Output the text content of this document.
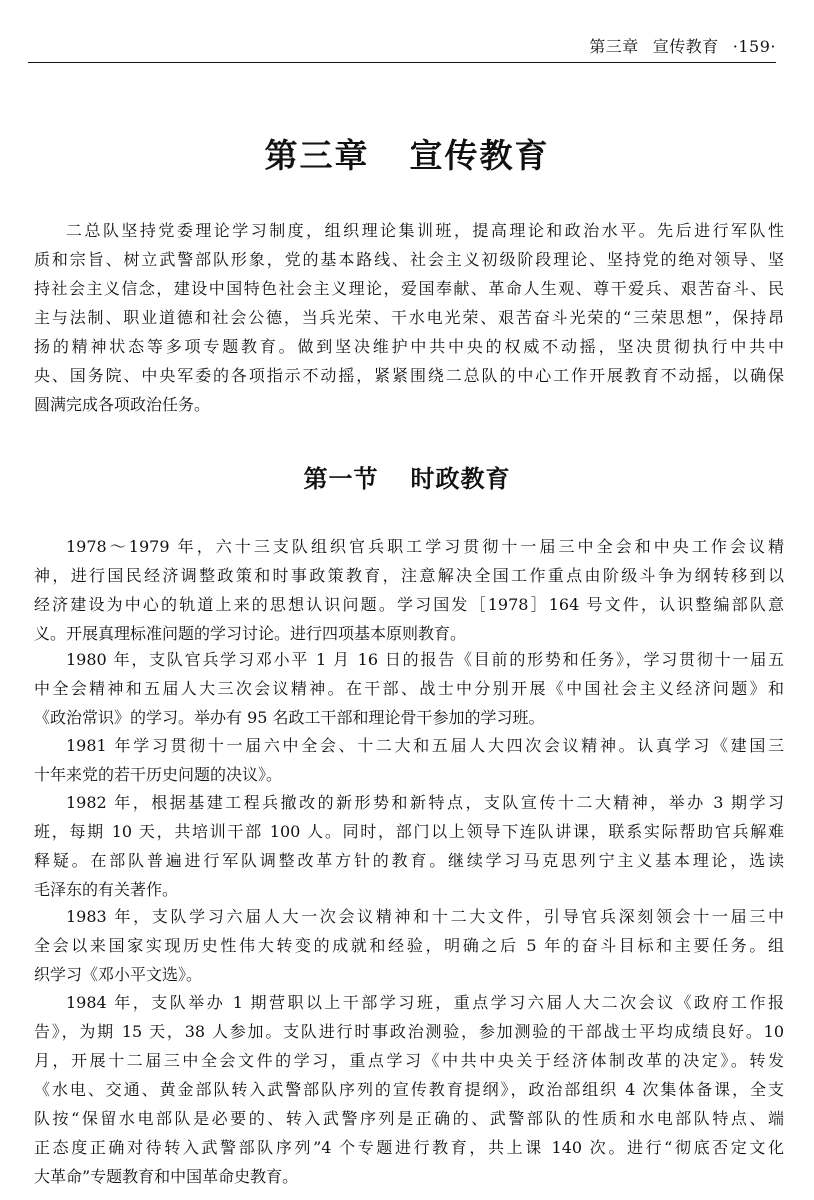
第三章 宣传教育 ·159·
第三章 宣传教育
二总队坚持党委理论学习制度，组织理论集训班，提高理论和政治水平。先后进行军队性
质和宗旨、树立武警部队形象，党的基本路线、社会主义初级阶段理论、坚持党的绝对领导、坚
持社会主义信念，建设中国特色社会主义理论，爱国奉献、革命人生观、尊干爱兵、艰苦奋斗、民
主与法制、职业道德和社会公德，当兵光荣、干水电光荣、艰苦奋斗光荣的“三荣思想”，保持昂
扬的精神状态等多项专题教育。做到坚决维护中共中央的权威不动摇，坚决贯彻执行中共中
央、国务院、中央军委的各项指示不动摇，紧紧围绕二总队的中心工作开展教育不动摇，以确保
圆满完成各项政治任务。
第一节 时政教育
1978～1979 年，六十三支队组织官兵职工学习贯彻十一届三中全会和中央工作会议精
神，进行国民经济调整政策和时事政策教育，注意解决全国工作重点由阶级斗争为纲转移到以
经济建设为中心的轨道上来的思想认识问题。学习国发［1978］164 号文件，认识整编部队意
义。开展真理标准问题的学习讨论。进行四项基本原则教育。
1980 年，支队官兵学习邓小平 1 月 16 日的报告《目前的形势和任务》，学习贯彻十一届五
中全会精神和五届人大三次会议精神。在干部、战士中分别开展《中国社会主义经济问题》和
《政治常识》的学习。举办有 95 名政工干部和理论骨干参加的学习班。
1981 年学习贯彻十一届六中全会、十二大和五届人大四次会议精神。认真学习《建国三
十年来党的若干历史问题的决议》。
1982 年，根据基建工程兵撤改的新形势和新特点，支队宣传十二大精神，举办 3 期学习
班，每期 10 天，共培训干部 100 人。同时，部门以上领导下连队讲课，联系实际帮助官兵解难
释疑。在部队普遍进行军队调整改革方针的教育。继续学习马克思列宁主义基本理论，选读
毛泽东的有关著作。
1983 年，支队学习六届人大一次会议精神和十二大文件，引导官兵深刻领会十一届三中
全会以来国家实现历史性伟大转变的成就和经验，明确之后 5 年的奋斗目标和主要任务。组
织学习《邓小平文选》。
1984 年，支队举办 1 期营职以上干部学习班，重点学习六届人大二次会议《政府工作报
告》，为期 15 天，38 人参加。支队进行时事政治测验，参加测验的干部战士平均成绩良好。10
月，开展十二届三中全会文件的学习，重点学习《中共中央关于经济体制改革的决定》。转发
《水电、交通、黄金部队转入武警部队序列的宣传教育提纲》，政治部组织 4 次集体备课，全支
队按“保留水电部队是必要的、转入武警序列是正确的、武警部队的性质和水电部队特点、端
正态度正确对待转入武警部队序列”4 个专题进行教育，共上课 140 次。进行“彻底否定文化
大革命”专题教育和中国革命史教育。
